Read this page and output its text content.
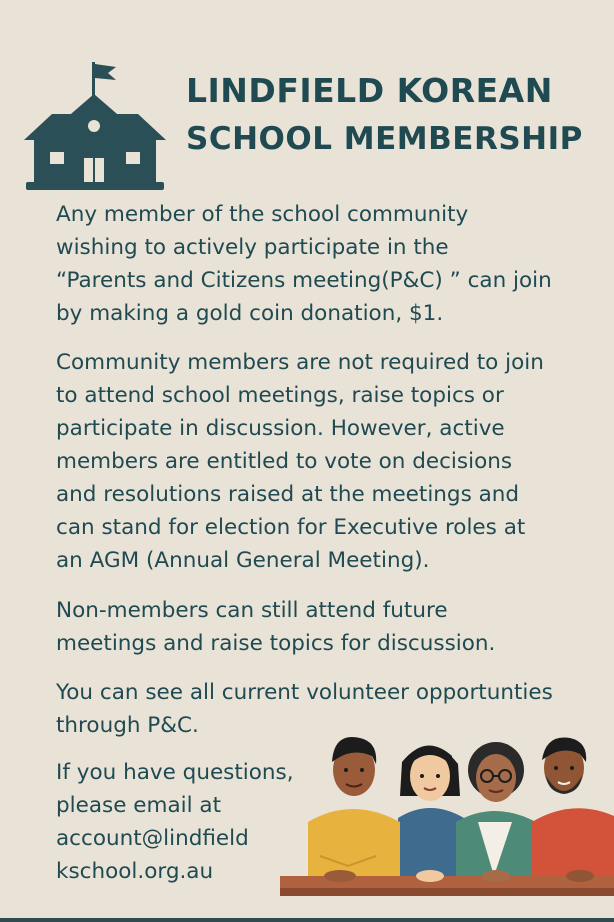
LINDFIELD KOREAN
SCHOOL MEMBERSHIP
Any member of the school community
wishing to actively participate in the
“Parents and Citizens meeting(P&C) ” can join
by making a gold coin donation, $1.
Community members are not required to join
to attend school meetings, raise topics or
participate in discussion. However, active
members are entitled to vote on decisions
and resolutions raised at the meetings and
can stand for election for Executive roles at
an AGM (Annual General Meeting).
Non-members can still attend future
meetings and raise topics for discussion.
You can see all current volunteer opportunties
through P&C.
If you have questions,
please email at
account@lindfield
kschool.org.au
